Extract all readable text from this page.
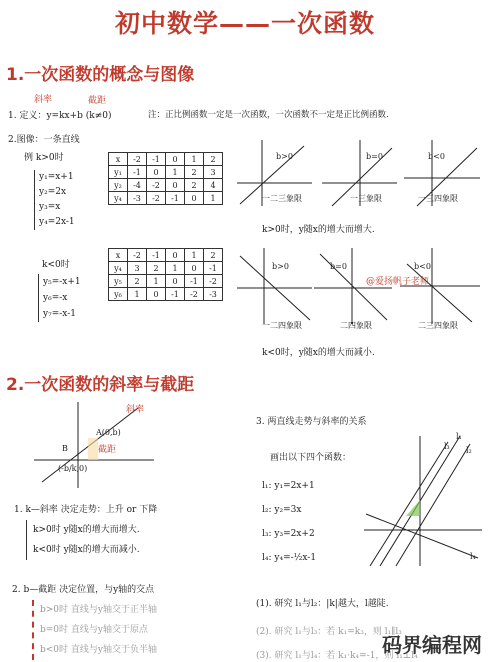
初中数学——一次函数
1.一次函数的概念与图像
斜率	截距
1. 定义：y=kx+b (k≠0)	注：正比例函数一定是一次函数，一次函数不一定是正比例函数.
2.图像：一条直线
例 k>0时
y₁=x+1
y₂=2x
y₃=x
y₄=2x-1
x	-2	-1	0	1	2
y₁	-1	0	1	2	3
y₂	-4	-2	0	2	4
y₄	-3	-2	-1	0	1
b>0	b=0	b<0
一二三象限	一三象限	一三四象限
k>0时，y随x的增大而增大.
k<0时
y₅=-x+1
y₆=-x
y₇=-x-1
x	-2	-1	0	1	2
y₄	3	2	1	0	-1
y₅	2	1	0	-1	-2
y₆	1	0	-1	-2	-3
b>0	b=0	b<0
@爱扬帆子老师
一二四象限	二四象限	二三四象限
k<0时，y随x的增大而减小.
2.一次函数的斜率与截距
斜率
A(0,b)
截距
B
(-b/k,0)
1. k—斜率 决定走势：上升 or 下降
k>0时 y随x的增大而增大.
k<0时 y随x的增大而减小.
2. b—截距 决定位置，与y轴的交点
b>0时 直线与y轴交于正半轴
b=0时 直线与y轴交于原点
b<0时 直线与y轴交于负半轴
3. 两直线走势与斜率的关系
画出以下四个函数：
l₁: y₁=2x+1
l₂: y₂=3x
l₃: y₃=2x+2
l₄: y₄=-½x-1
l₁
l₂
l₃
l₄
(1). 研究 l₁与l₂：|k|越大，l越陡.
(2). 研究 l₁与l₃：若 k₁=k₃，则 l₁∥l₃
(3). 研究 l₁与l₄：若 k₁·k₄=-1，则 l₁⊥l₄
码界编程网
